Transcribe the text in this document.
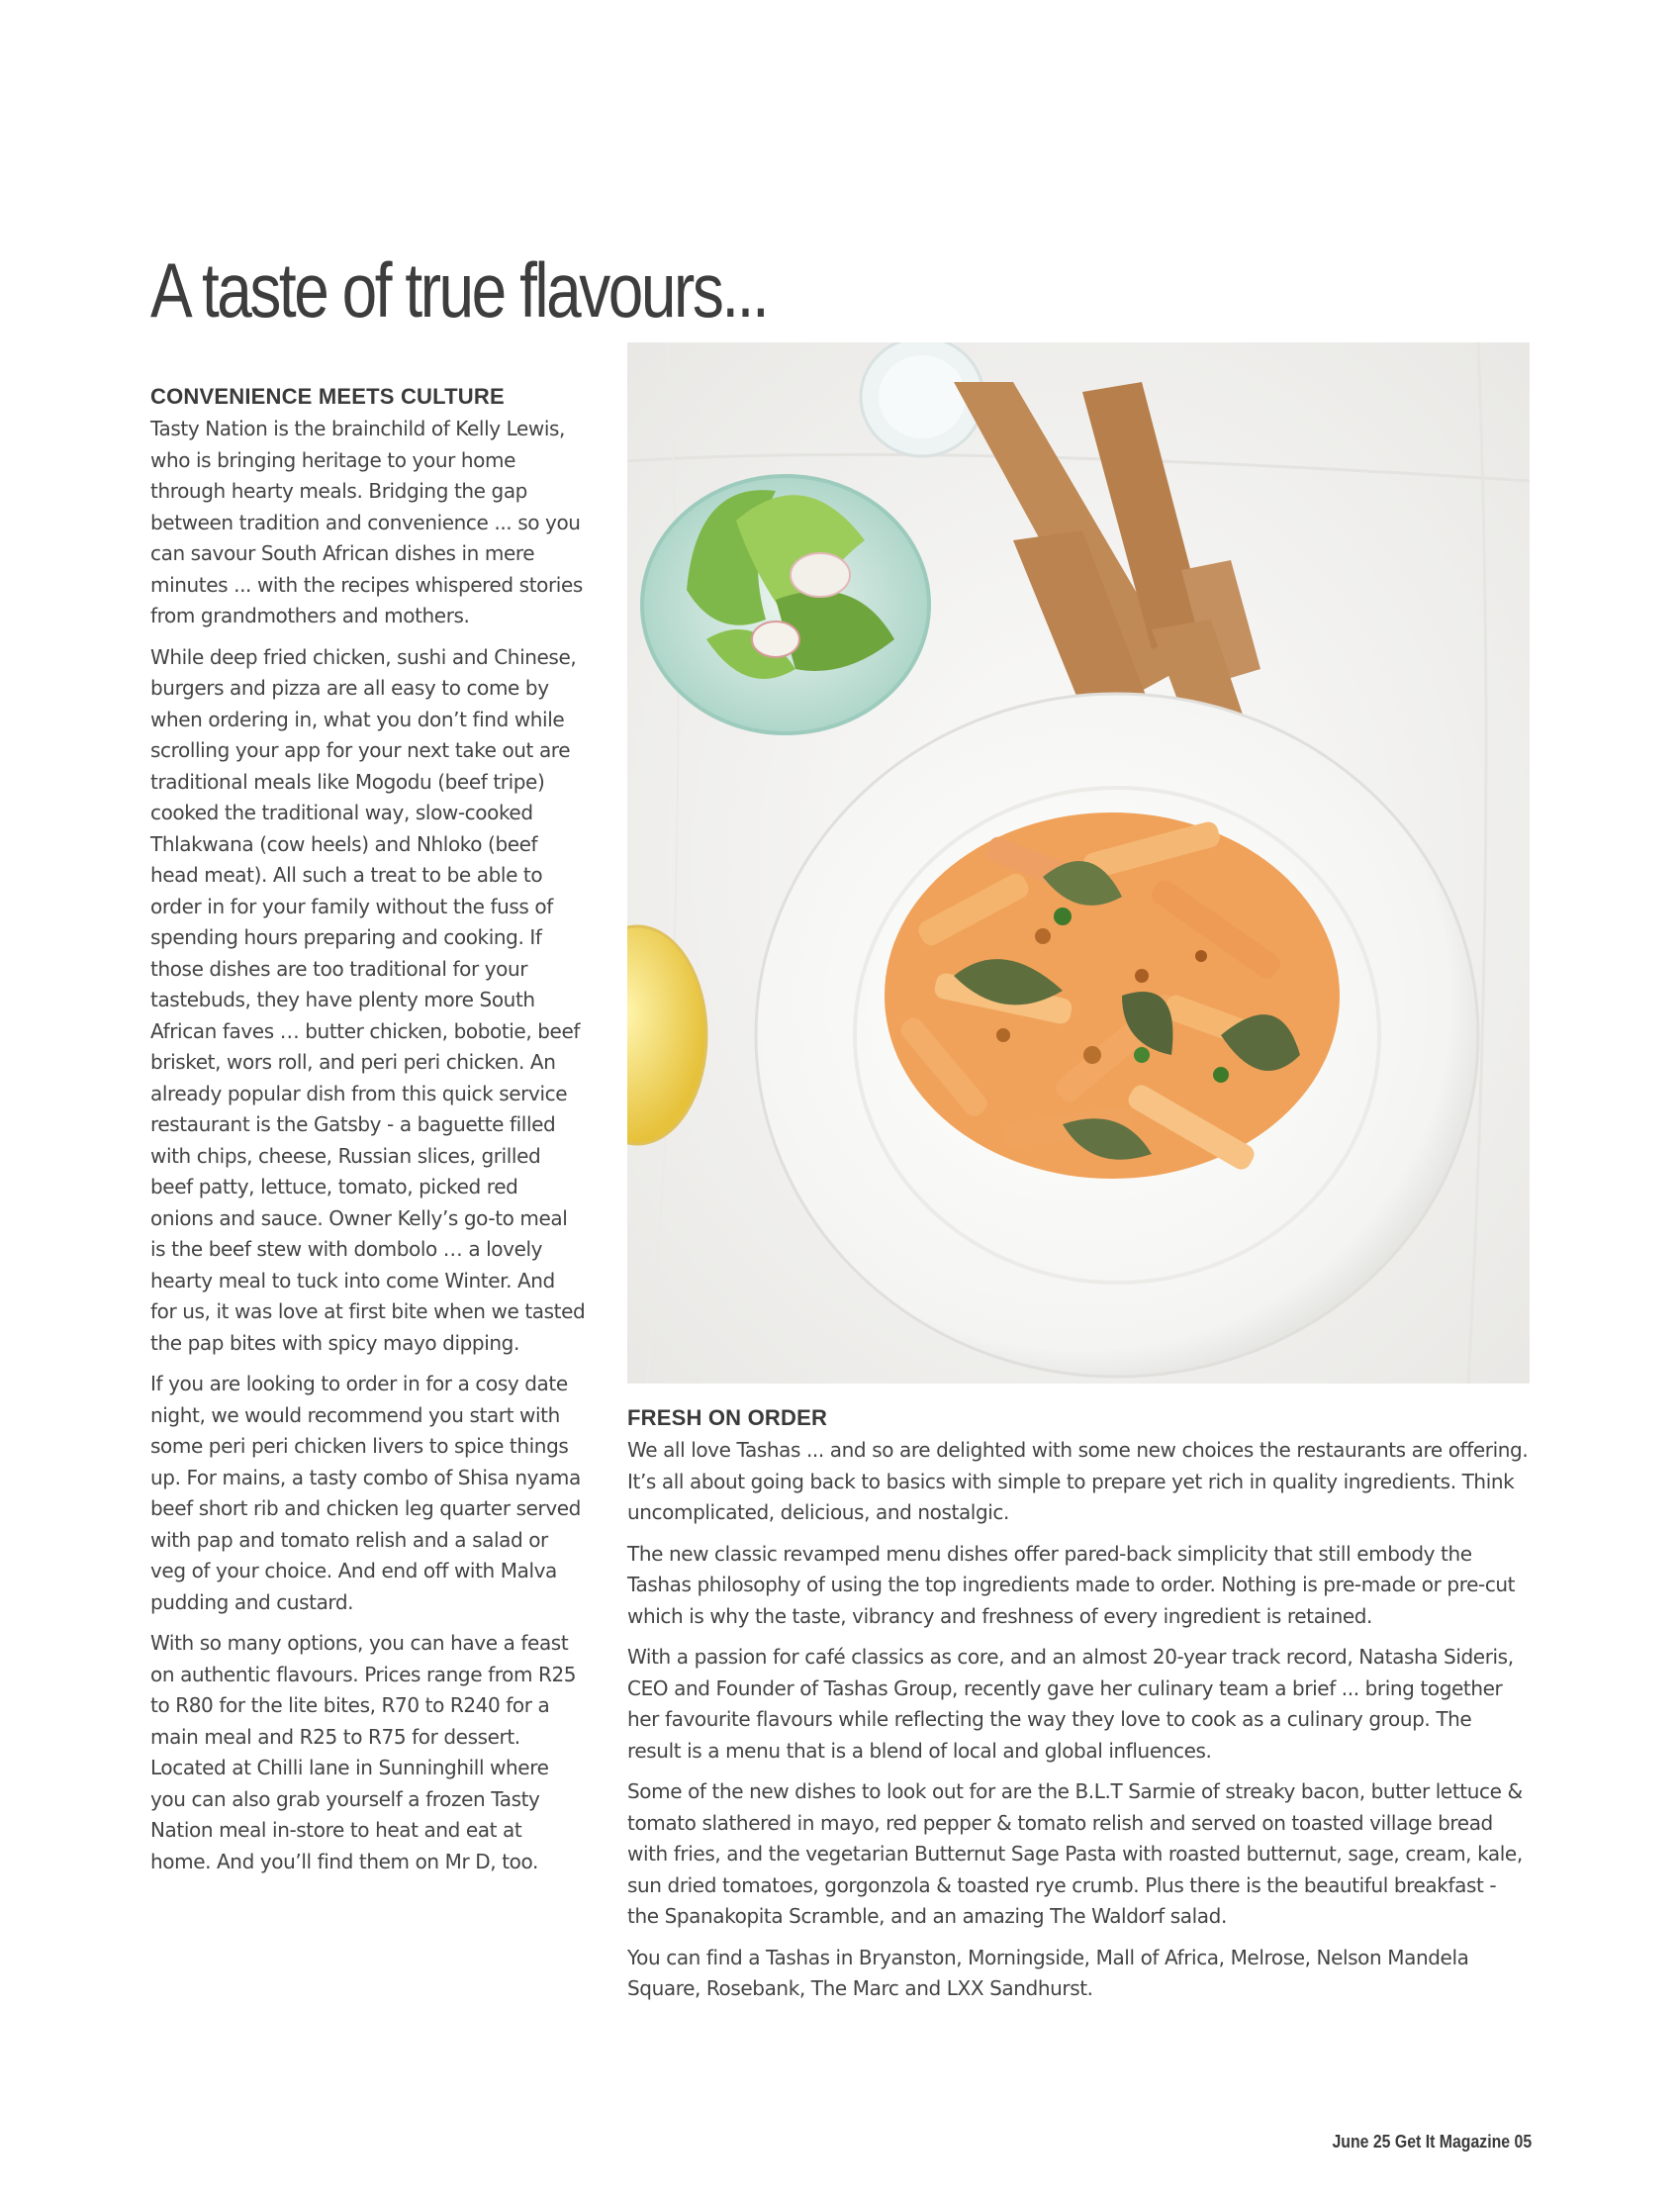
A taste of true flavours...
CONVENIENCE MEETS CULTURE

Tasty Nation is the brainchild of Kelly Lewis, who is bringing heritage to your home through hearty meals. Bridging the gap between tradition and convenience ... so you can savour South African dishes in mere minutes ... with the recipes whispered stories from grandmothers and mothers.

While deep fried chicken, sushi and Chinese, burgers and pizza are all easy to come by when ordering in, what you don’t find while scrolling your app for your next take out are traditional meals like Mogodu (beef tripe) cooked the traditional way, slow-cooked Thlakwana (cow heels) and Nhloko (beef head meat). All such a treat to be able to order in for your family without the fuss of spending hours preparing and cooking. If those dishes are too traditional for your tastebuds, they have plenty more South African faves … butter chicken, bobotie, beef brisket, wors roll, and peri peri chicken. An already popular dish from this quick service restaurant is the Gatsby - a baguette filled with chips, cheese, Russian slices, grilled beef patty, lettuce, tomato, picked red onions and sauce. Owner Kelly’s go-to meal is the beef stew with dombolo … a lovely hearty meal to tuck into come Winter. And for us, it was love at first bite when we tasted the pap bites with spicy mayo dipping.

If you are looking to order in for a cosy date night, we would recommend you start with some peri peri chicken livers to spice things up. For mains, a tasty combo of Shisa nyama beef short rib and chicken leg quarter served with pap and tomato relish and a salad or veg of your choice. And end off with Malva pudding and custard.

With so many options, you can have a feast on authentic flavours. Prices range from R25 to R80 for the lite bites, R70 to R240 for a main meal and R25 to R75 for dessert. Located at Chilli lane in Sunninghill where you can also grab yourself a frozen Tasty Nation meal in-store to heat and eat at home. And you’ll find them on Mr D, too.

FRESH ON ORDER

We all love Tashas ... and so are delighted with some new choices the restaurants are offering. It’s all about going back to basics with simple to prepare yet rich in quality ingredients. Think uncomplicated, delicious, and nostalgic.

The new classic revamped menu dishes offer pared-back simplicity that still embody the Tashas philosophy of using the top ingredients made to order. Nothing is pre-made or pre-cut which is why the taste, vibrancy and freshness of every ingredient is retained.

With a passion for café classics as core, and an almost 20-year track record, Natasha Sideris, CEO and Founder of Tashas Group, recently gave her culinary team a brief ... bring together her favourite flavours while reflecting the way they love to cook as a culinary group. The result is a menu that is a blend of local and global influences.

Some of the new dishes to look out for are the B.L.T Sarmie of streaky bacon, butter lettuce & tomato slathered in mayo, red pepper & tomato relish and served on toasted village bread with fries, and the vegetarian Butternut Sage Pasta with roasted butternut, sage, cream, kale, sun dried tomatoes, gorgonzola & toasted rye crumb. Plus there is the beautiful breakfast - the Spanakopita Scramble, and an amazing The Waldorf salad.

You can find a Tashas in Bryanston, Morningside, Mall of Africa, Melrose, Nelson Mandela Square, Rosebank, The Marc and LXX Sandhurst.

June 25 Get It Magazine 05
